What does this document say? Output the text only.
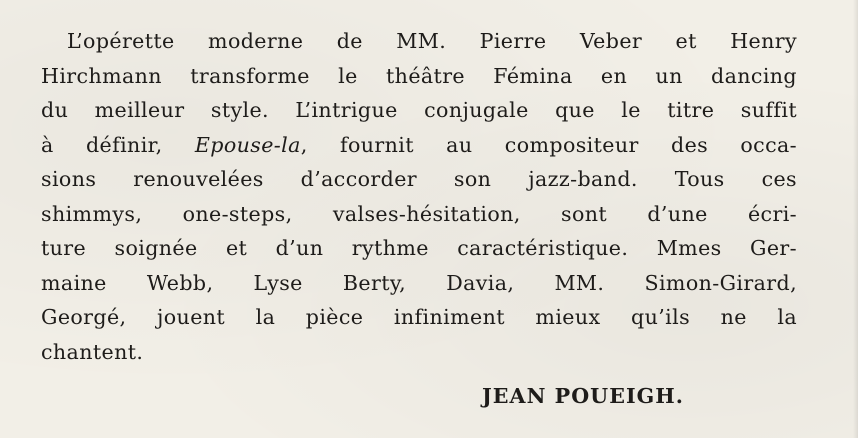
L’opérette moderne de MM. Pierre Veber et Henry
Hirchmann transforme le théâtre Fémina en un dancing
du meilleur style. L’intrigue conjugale que le titre suffit
à définir, Epouse-la, fournit au compositeur des occa-
sions renouvelées d’accorder son jazz-band. Tous ces
shimmys, one-steps, valses-hésitation, sont d’une écri-
ture soignée et d’un rythme caractéristique. Mmes Ger-
maine Webb, Lyse Berty, Davia, MM. Simon-Girard,
Georgé, jouent la pièce infiniment mieux qu’ils ne la
chantent.
JEAN POUEIGH.
